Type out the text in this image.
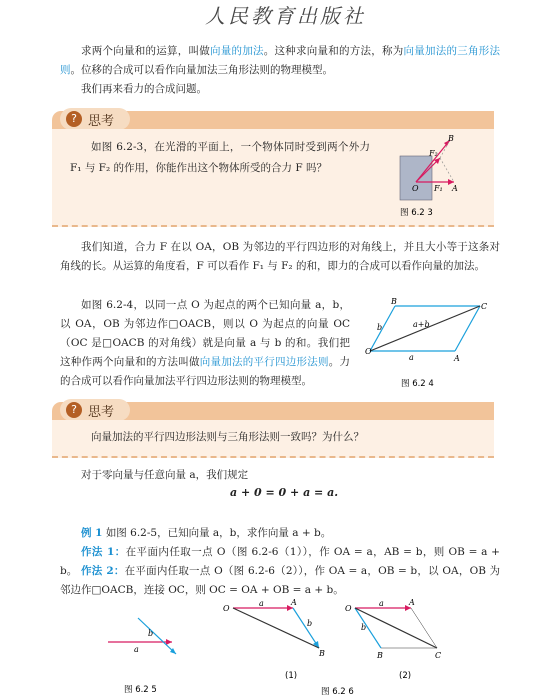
人民教育出版社

求两个向量和的运算，叫做向量的加法。这种求向量和的方法，称为向量加法的三角形法则。位移的合成可以看作向量加法三角形法则的物理模型。

我们再来看力的合成问题。

? 思考

如图 6.2-3，在光滑的平面上，一个物体同时受到两个外力 F₁ 与 F₂ 的作用，你能作出这个物体所受的合力 F 吗？

B
F₂
O F₁ A
图 6.2 3

我们知道，合力 F 在以 OA，OB 为邻边的平行四边形的对角线上，并且大小等于这条对角线的长。从运算的角度看，F 可以看作 F₁ 与 F₂ 的和，即力的合成可以看作向量的加法。

如图 6.2-4，以同一点 O 为起点的两个已知向量 a，b，以 OA，OB 为邻边作□OACB，则以 O 为起点的向量 OC（OC 是□OACB 的对角线）就是向量 a 与 b 的和。我们把这种作两个向量和的方法叫做向量加法的平行四边形法则。力的合成可以看作向量加法平行四边形法则的物理模型。

B
C
O
A
b	a+b
a
图 6.2 4
? 思考

向量加法的平行四边形法则与三角形法则一致吗？为什么？

对于零向量与任意向量 a，我们规定

a + 0 = 0 + a = a.

例 1 如图 6.2-5，已知向量 a，b，求作向量 a + b。

作法 1：在平面内任取一点 O（图 6.2-6（1）），作 OA = a，AB = b，则 OB = a + b。 作法 2：在平面内任取一点 O（图 6.2-6（2）），作 OA = a，OB = b，以 OA，OB 为邻边作□OACB，连接 OC，则 OC = OA + OB = a + b。

a
b
图 6.2 5
O
A
B
a
b
(1)
O
A
B	C
a
b
(2)
图 6.2 6
